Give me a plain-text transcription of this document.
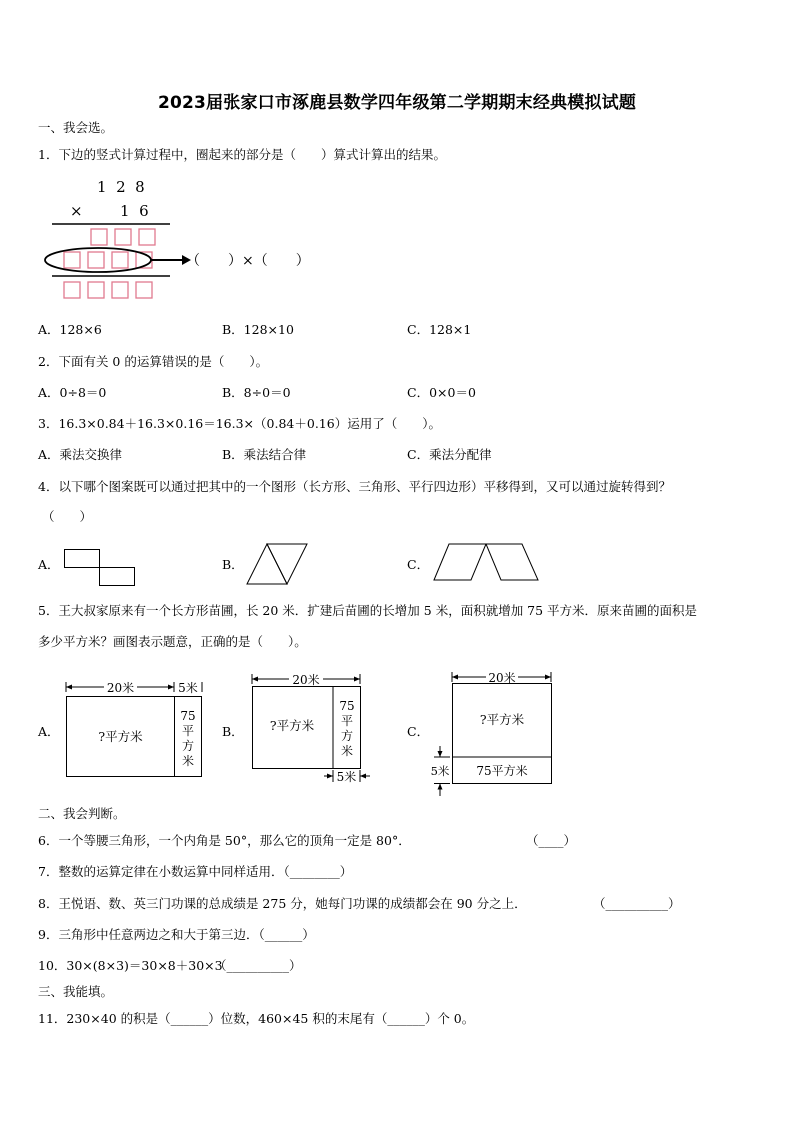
2023届张家口市涿鹿县数学四年级第二学期期末经典模拟试题
一、我会选。
1．下边的竖式计算过程中，圈起来的部分是（　　）算式计算出的结果。
1  2  8
× 1  6
（　　）×（　　）
A．128×6	B．128×10	C．128×1
2．下面有关 0 的运算错误的是（　　）。
A．0÷8＝0	B．8÷0＝0	C．0×0＝0
3．16.3×0.84＋16.3×0.16＝16.3×（0.84＋0.16）运用了（　　）。
A．乘法交换律	B．乘法结合律	C．乘法分配律
4．以下哪个图案既可以通过把其中的一个图形（长方形、三角形、平行四边形）平移得到，又可以通过旋转得到？
（　　）
A．	B．	C．
5．王大叔家原来有一个长方形苗圃，长 20 米．扩建后苗圃的长增加 5 米，面积就增加 75 平方米．原来苗圃的面积是
多少平方米？画图表示题意，正确的是（　　）。
A．
20米	5米
?平方米
75
平
方
米
B．
20米
?平方米
75
平
方
米
5米
C．
20米
?平方米
75平方米
5米
二、我会判断。
6．一个等腰三角形，一个内角是 50°，那么它的顶角一定是 80°．	（____）
7．整数的运算定律在小数运算中同样适用．（________）
8．王悦语、数、英三门功课的总成绩是 275 分，她每门功课的成绩都会在 90 分之上．	（__________）
9．三角形中任意两边之和大于第三边．（______）
10．30×(8×3)＝30×8＋30×3
（__________）
三、我能填。
11．230×40 的积是（______）位数，460×45 积的末尾有（______）个 0。
